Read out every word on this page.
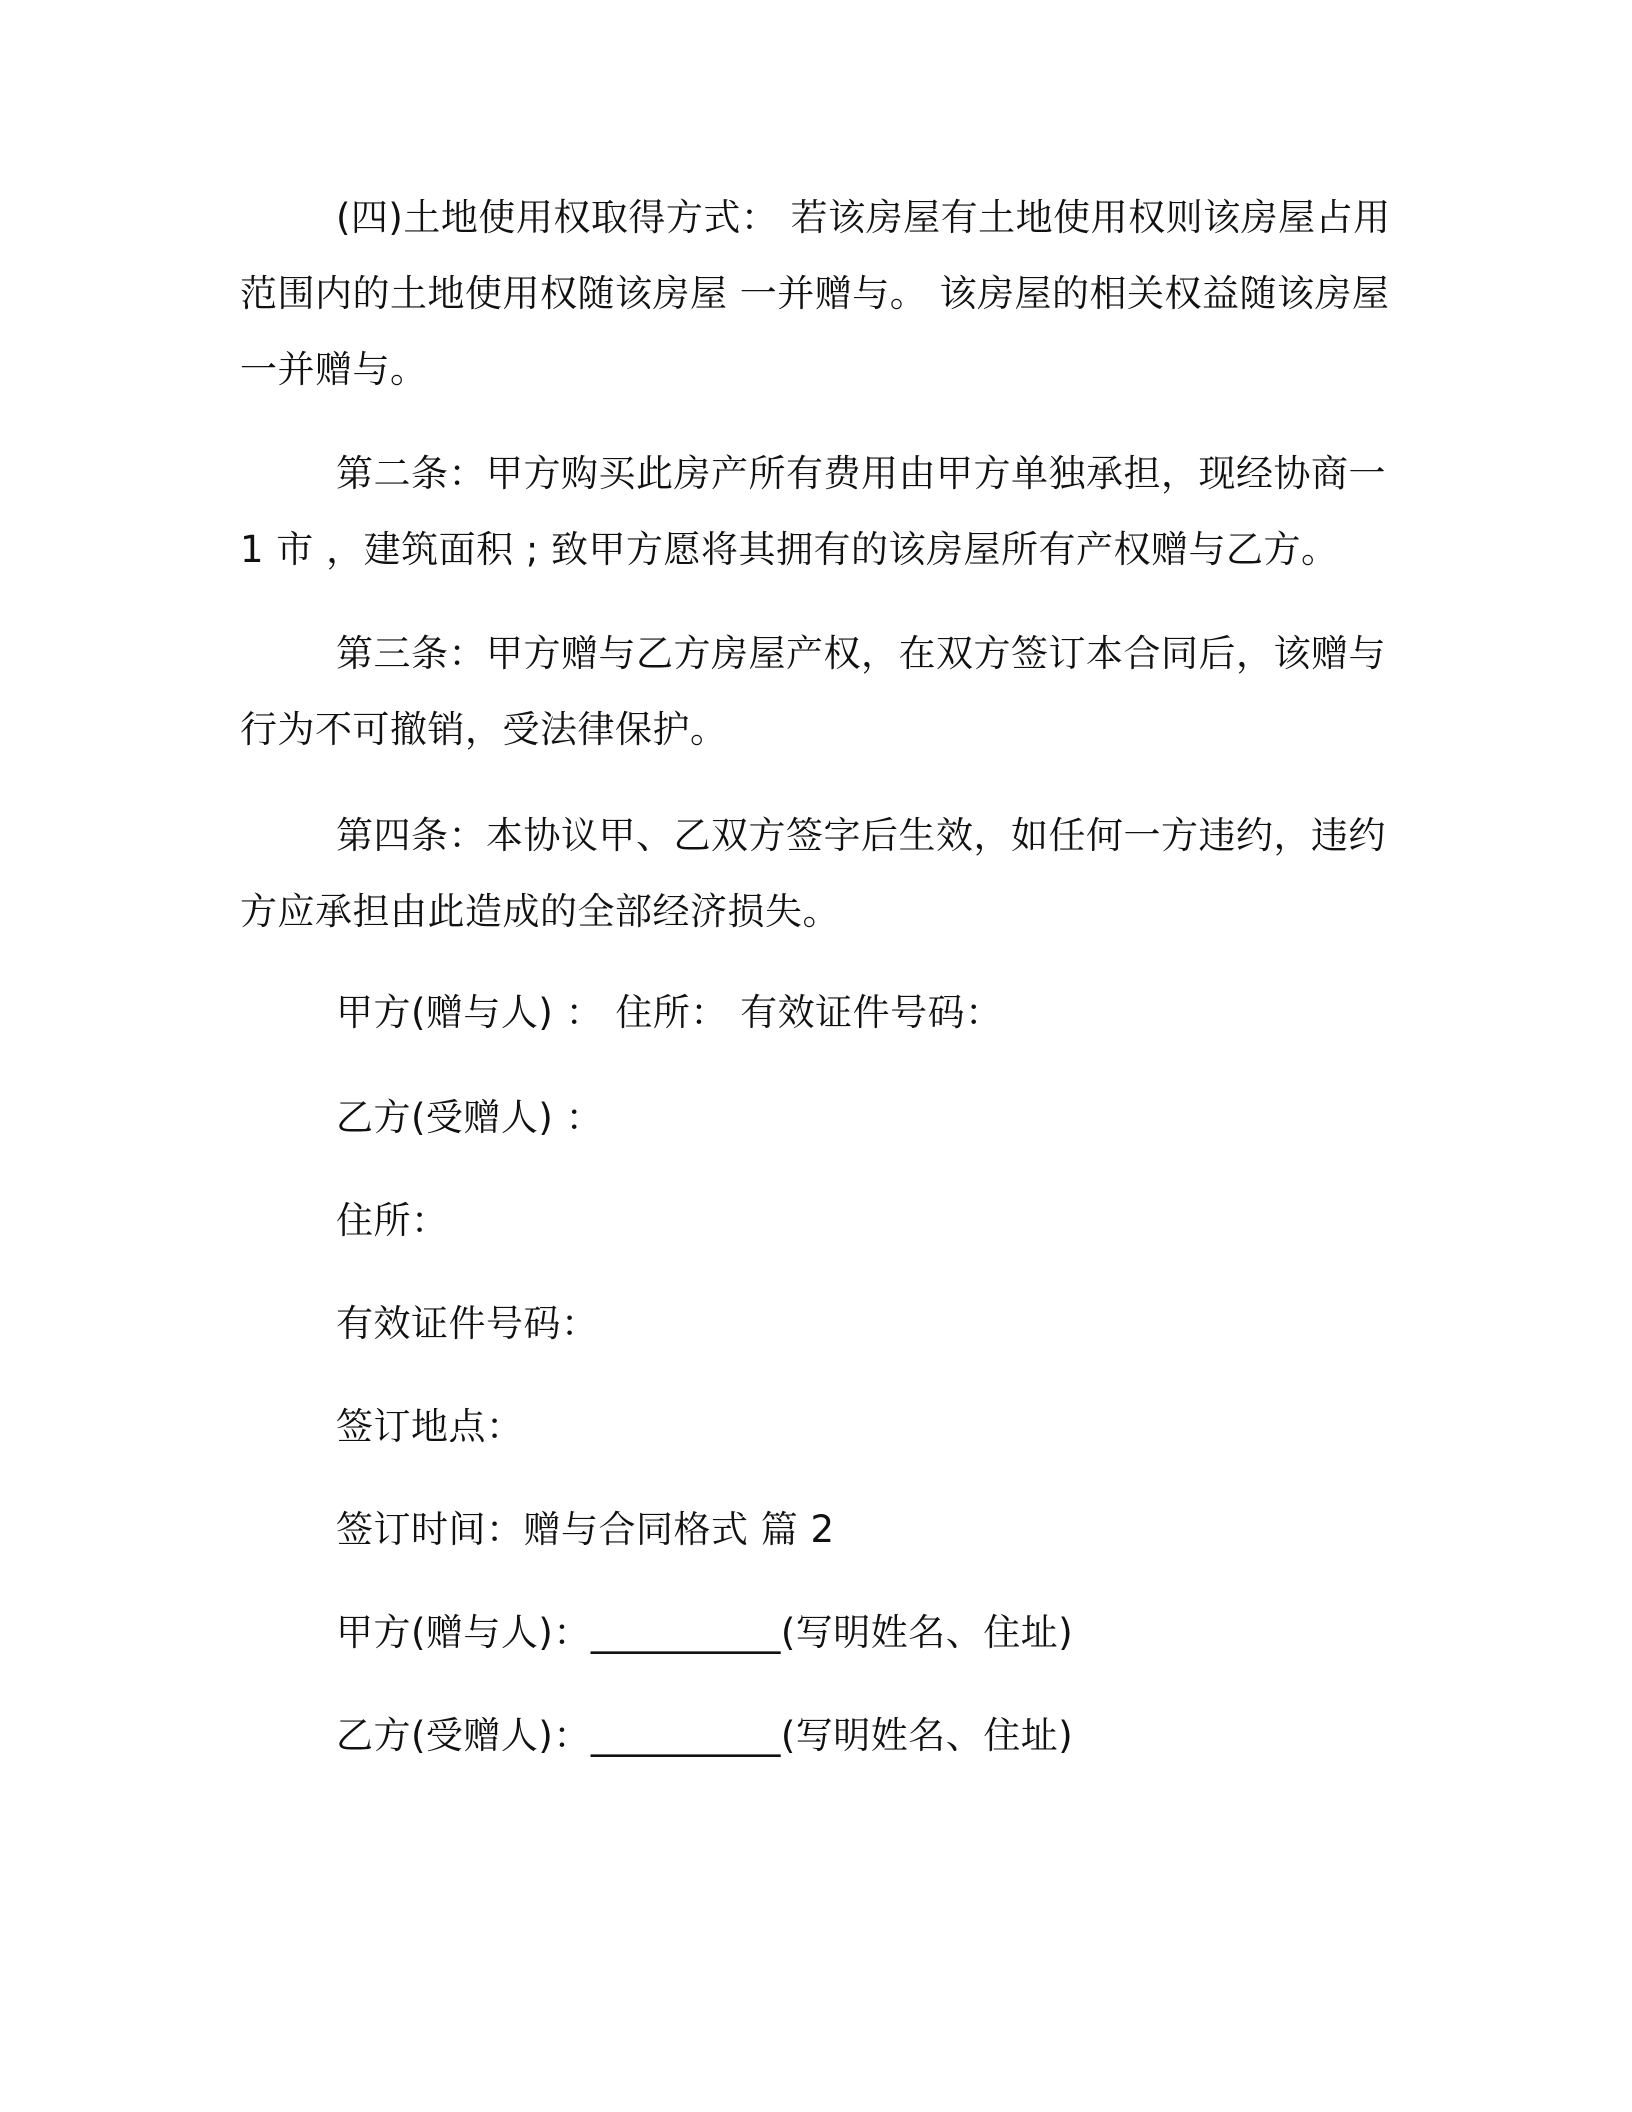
(四)土地使用权取得方式： 若该房屋有土地使用权则该房屋占用
范围内的土地使用权随该房屋 一并赠与。 该房屋的相关权益随该房屋
一并赠与。
第二条：甲方购买此房产所有费用由甲方单独承担，现经协商一
1 市 ，建筑面积 ; 致甲方愿将其拥有的该房屋所有产权赠与乙方。
第三条：甲方赠与乙方房屋产权，在双方签订本合同后，该赠与
行为不可撤销，受法律保护。
第四条：本协议甲、乙双方签字后生效，如任何一方违约，违约
方应承担由此造成的全部经济损失。
甲方(赠与人) ： 住所： 有效证件号码：
乙方(受赠人) ：
住所：
有效证件号码：
签订地点：
签订时间：赠与合同格式 篇 2
甲方(赠与人)：__________(写明姓名、住址)
乙方(受赠人)：__________(写明姓名、住址)
